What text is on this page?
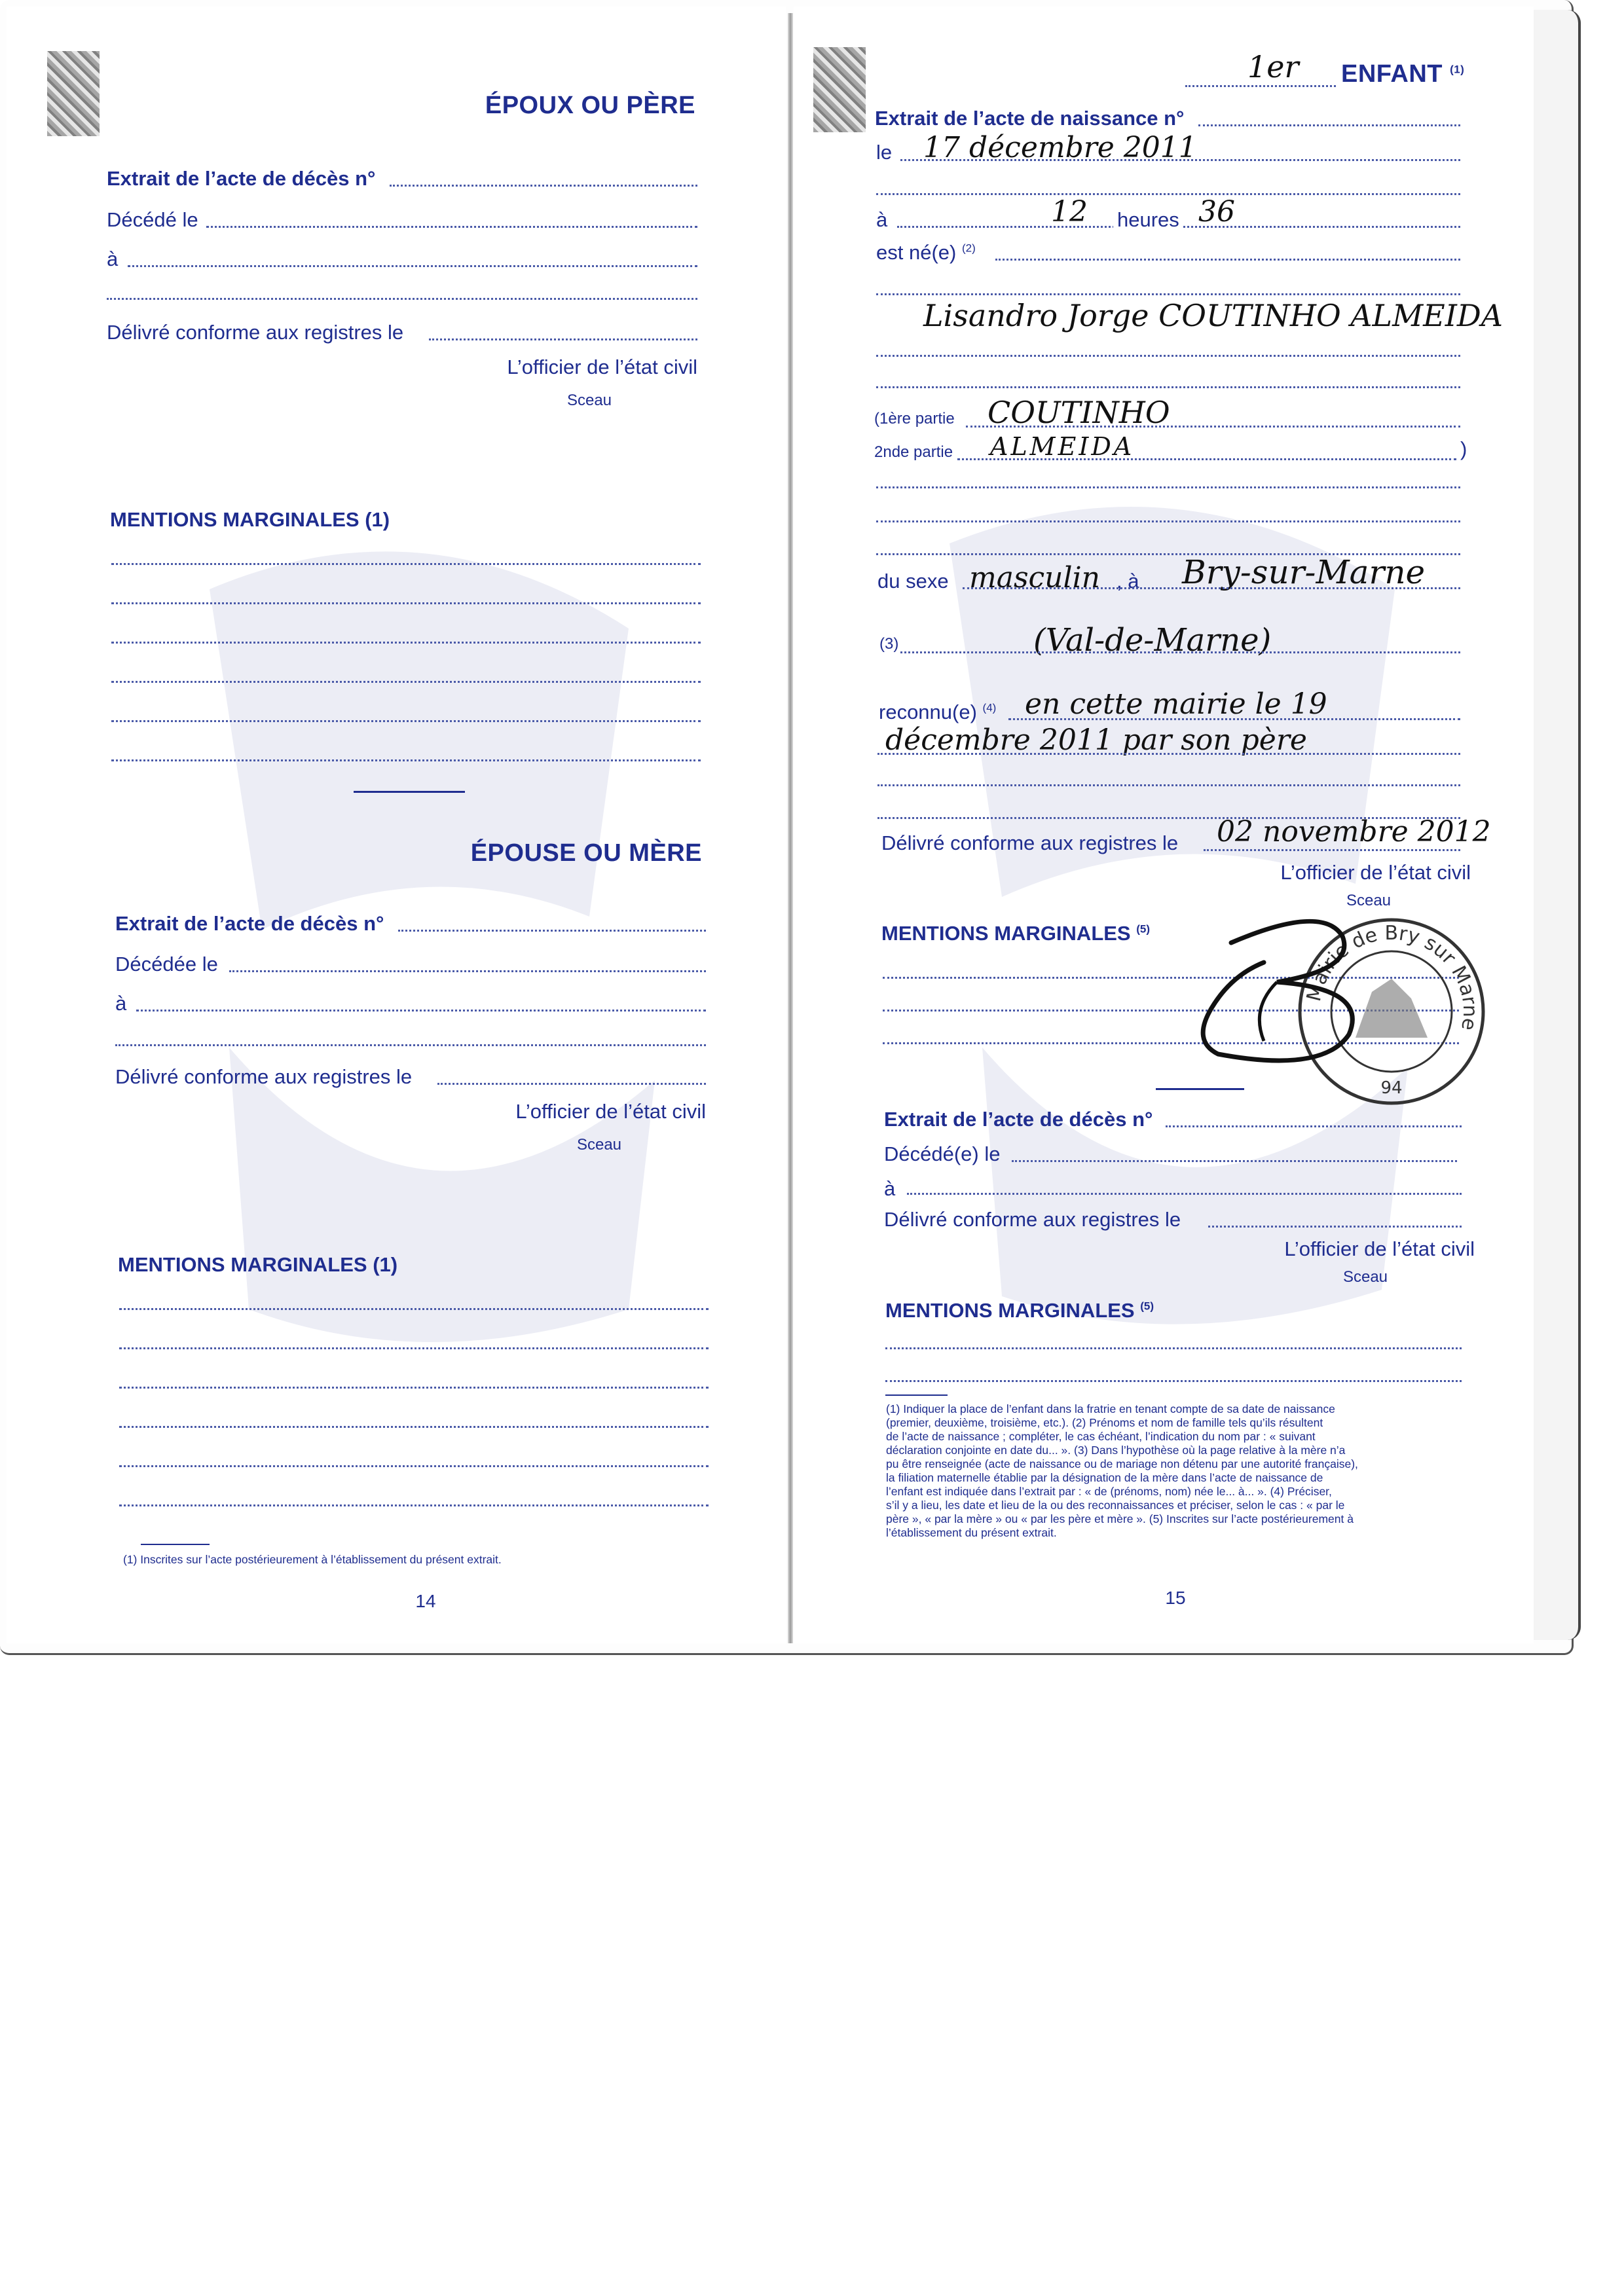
ÉPOUX OU PÈRE
Extrait de l’acte de décès n°
Décédé le
à
Délivré conforme aux registres le
L’officier de l’état civil
Sceau
MENTIONS MARGINALES (1)
ÉPOUSE OU MÈRE
Extrait de l’acte de décès n°
Décédée le
à
Délivré conforme aux registres le
L’officier de l’état civil
Sceau
MENTIONS MARGINALES (1)
(1) Inscrites sur l’acte postérieurement à l’établissement du présent extrait.
14
1er ENFANT $^{(1)}$
Extrait de l’acte de naissance n°
le 17 décembre 2011
à	12 heures 36
est né(e) $^{(2)}$
Lisandro Jorge COUTINHO ALMEIDA
(1ère partie COUTINHO
2nde partie ALMEIDA	)
du sexe masculin , à Bry-sur-Marne
(3)	(Val-de-Marne)
reconnu(e) $^{(4)}$ en cette mairie le 19
décembre 2011 par son père
Délivré conforme aux registres le 02 novembre 2012
L’officier de l’état civil
Sceau
MENTIONS MARGINALES $^{(5)}$
Mairie de Bry sur Marne
94
Extrait de l’acte de décès n°
Décédé(e) le
à
Délivré conforme aux registres le
L’officier de l’état civil
Sceau
MENTIONS MARGINALES $^{(5)}$
(1) Indiquer la place de l’enfant dans la fratrie en tenant compte de sa date de naissance
(premier, deuxième, troisième, etc.). (2) Prénoms et nom de famille tels qu’ils résultent
de l’acte de naissance ; compléter, le cas échéant, l’indication du nom par : « suivant
déclaration conjointe en date du... ». (3) Dans l’hypothèse où la page relative à la mère n’a
pu être renseignée (acte de naissance ou de mariage non détenu par une autorité française),
la filiation maternelle établie par la désignation de la mère dans l’acte de naissance de
l’enfant est indiquée dans l’extrait par : « de (prénoms, nom) née le... à... ». (4) Préciser,
s’il y a lieu, les date et lieu de la ou des reconnaissances et préciser, selon le cas : « par le
père », « par la mère » ou « par les père et mère ». (5) Inscrites sur l’acte postérieurement à
l’établissement du présent extrait.
15
